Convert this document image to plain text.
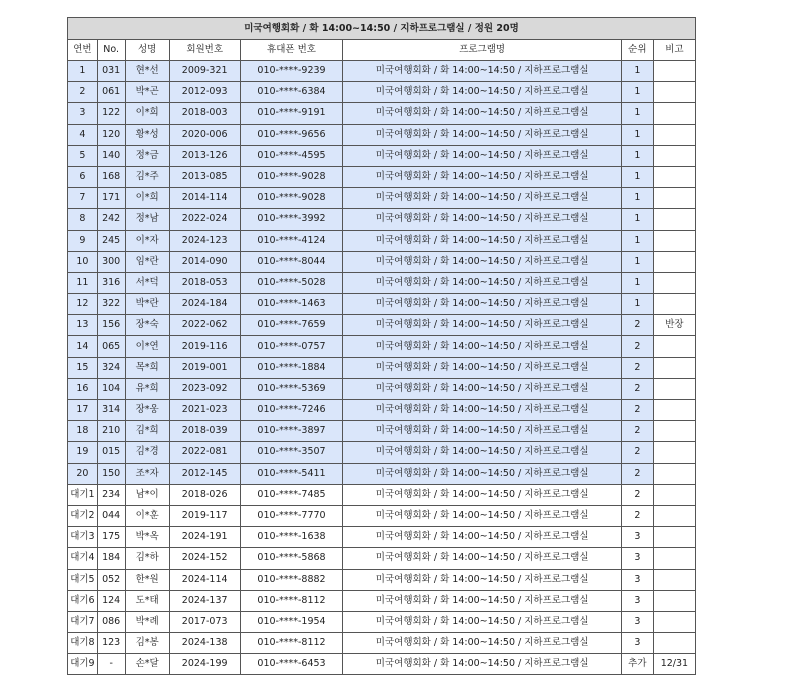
미국여행회화 / 화 14:00~14:50 / 지하프로그램실 / 정원 20명							
연번	No.	성명	회원번호	휴대폰 번호	프로그램명	순위	비고
1	031	현*선	2009-321	010-****-9239	미국여행회화 / 화 14:00~14:50 / 지하프로그램실	1	
2	061	박*곤	2012-093	010-****-6384	미국여행회화 / 화 14:00~14:50 / 지하프로그램실	1	
3	122	이*희	2018-003	010-****-9191	미국여행회화 / 화 14:00~14:50 / 지하프로그램실	1	
4	120	황*성	2020-006	010-****-9656	미국여행회화 / 화 14:00~14:50 / 지하프로그램실	1	
5	140	정*금	2013-126	010-****-4595	미국여행회화 / 화 14:00~14:50 / 지하프로그램실	1	
6	168	김*주	2013-085	010-****-9028	미국여행회화 / 화 14:00~14:50 / 지하프로그램실	1	
7	171	이*희	2014-114	010-****-9028	미국여행회화 / 화 14:00~14:50 / 지하프로그램실	1	
8	242	정*남	2022-024	010-****-3992	미국여행회화 / 화 14:00~14:50 / 지하프로그램실	1	
9	245	이*자	2024-123	010-****-4124	미국여행회화 / 화 14:00~14:50 / 지하프로그램실	1	
10	300	임*란	2014-090	010-****-8044	미국여행회화 / 화 14:00~14:50 / 지하프로그램실	1	
11	316	서*덕	2018-053	010-****-5028	미국여행회화 / 화 14:00~14:50 / 지하프로그램실	1	
12	322	박*란	2024-184	010-****-1463	미국여행회화 / 화 14:00~14:50 / 지하프로그램실	1	
13	156	장*숙	2022-062	010-****-7659	미국여행회화 / 화 14:00~14:50 / 지하프로그램실	2	반장
14	065	이*연	2019-116	010-****-0757	미국여행회화 / 화 14:00~14:50 / 지하프로그램실	2	
15	324	목*희	2019-001	010-****-1884	미국여행회화 / 화 14:00~14:50 / 지하프로그램실	2	
16	104	유*희	2023-092	010-****-5369	미국여행회화 / 화 14:00~14:50 / 지하프로그램실	2	
17	314	장*웅	2021-023	010-****-7246	미국여행회화 / 화 14:00~14:50 / 지하프로그램실	2	
18	210	김*희	2018-039	010-****-3897	미국여행회화 / 화 14:00~14:50 / 지하프로그램실	2	
19	015	김*경	2022-081	010-****-3507	미국여행회화 / 화 14:00~14:50 / 지하프로그램실	2	
20	150	조*자	2012-145	010-****-5411	미국여행회화 / 화 14:00~14:50 / 지하프로그램실	2	
대기1	234	남*이	2018-026	010-****-7485	미국여행회화 / 화 14:00~14:50 / 지하프로그램실	2	
대기2	044	이*훈	2019-117	010-****-7770	미국여행회화 / 화 14:00~14:50 / 지하프로그램실	2	
대기3	175	박*옥	2024-191	010-****-1638	미국여행회화 / 화 14:00~14:50 / 지하프로그램실	3	
대기4	184	김*하	2024-152	010-****-5868	미국여행회화 / 화 14:00~14:50 / 지하프로그램실	3	
대기5	052	한*원	2024-114	010-****-8882	미국여행회화 / 화 14:00~14:50 / 지하프로그램실	3	
대기6	124	도*태	2024-137	010-****-8112	미국여행회화 / 화 14:00~14:50 / 지하프로그램실	3	
대기7	086	박*례	2017-073	010-****-1954	미국여행회화 / 화 14:00~14:50 / 지하프로그램실	3	
대기8	123	김*봉	2024-138	010-****-8112	미국여행회화 / 화 14:00~14:50 / 지하프로그램실	3	
대기9	-	손*달	2024-199	010-****-6453	미국여행회화 / 화 14:00~14:50 / 지하프로그램실	추가	12/31
